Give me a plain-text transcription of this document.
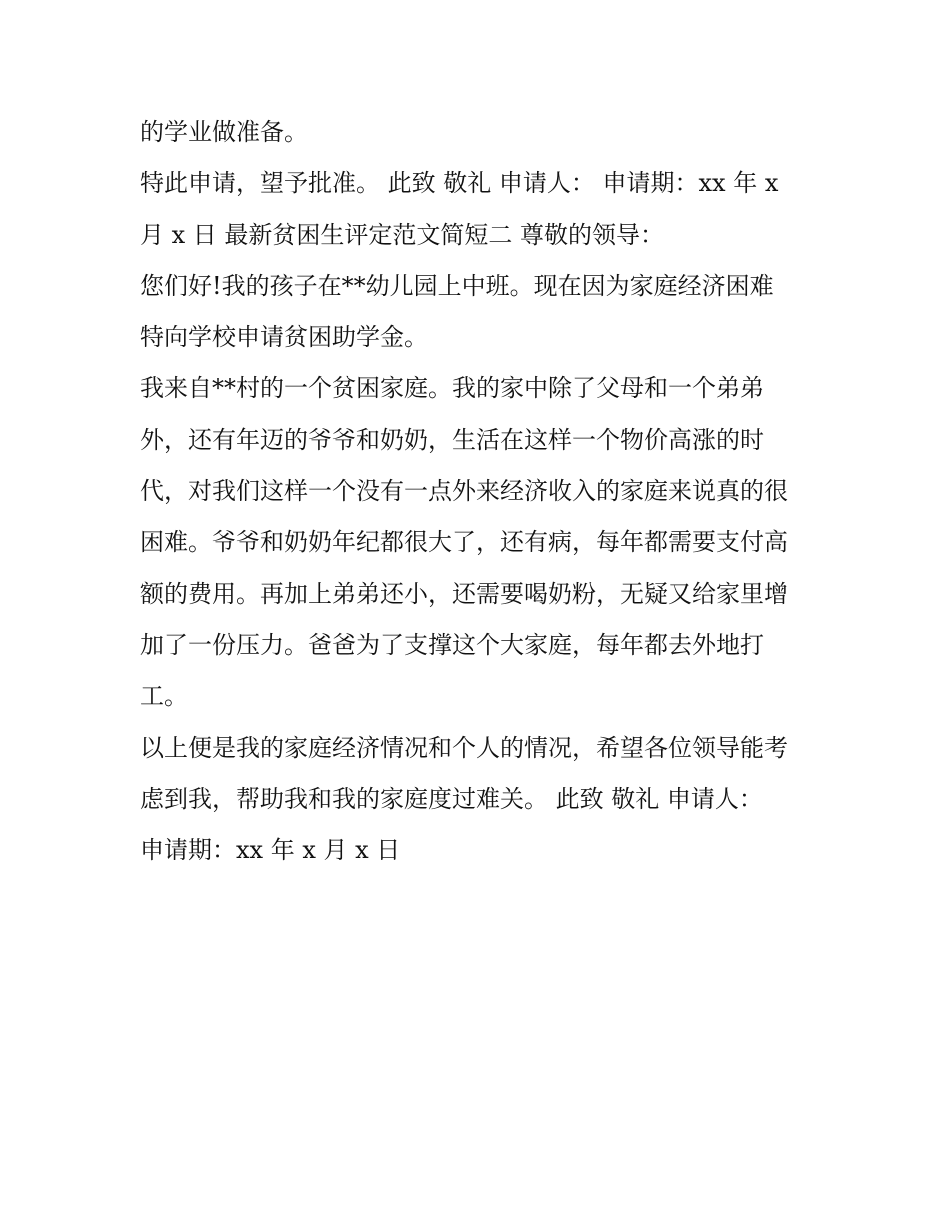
的学业做准备。
特此申请，望予批准。 此致 敬礼 申请人： 申请期：xx 年 x
月 x 日 最新贫困生评定范文简短二 尊敬的领导：
您们好!我的孩子在**幼儿园上中班。现在因为家庭经济困难
特向学校申请贫困助学金。
我来自**村的一个贫困家庭。我的家中除了父母和一个弟弟
外，还有年迈的爷爷和奶奶，生活在这样一个物价高涨的时
代，对我们这样一个没有一点外来经济收入的家庭来说真的很
困难。爷爷和奶奶年纪都很大了，还有病，每年都需要支付高
额的费用。再加上弟弟还小，还需要喝奶粉，无疑又给家里增
加了一份压力。爸爸为了支撑这个大家庭，每年都去外地打
工。
以上便是我的家庭经济情况和个人的情况，希望各位领导能考
虑到我，帮助我和我的家庭度过难关。 此致 敬礼 申请人：
申请期：xx 年 x 月 x 日
